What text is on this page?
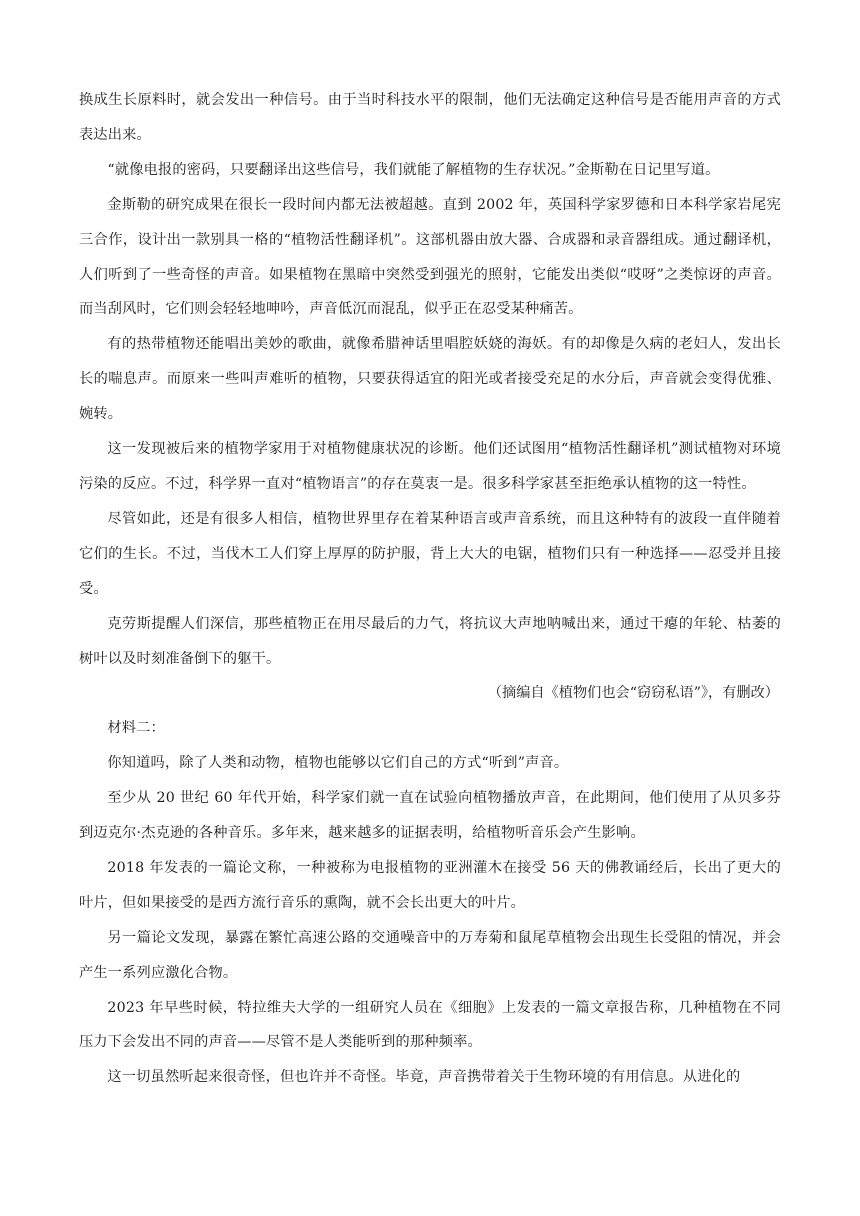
换成生长原料时，就会发出一种信号。由于当时科技水平的限制，他们无法确定这种信号是否能用声音的方式表达出来。

“就像电报的密码，只要翻译出这些信号，我们就能了解植物的生存状况。”金斯勒在日记里写道。

金斯勒的研究成果在很长一段时间内都无法被超越。直到 2002 年，英国科学家罗德和日本科学家岩尾宪三合作，设计出一款别具一格的“植物活性翻译机”。这部机器由放大器、合成器和录音器组成。通过翻译机，人们听到了一些奇怪的声音。如果植物在黑暗中突然受到强光的照射，它能发出类似“哎呀”之类惊讶的声音。而当刮风时，它们则会轻轻地呻吟，声音低沉而混乱，似乎正在忍受某种痛苦。

有的热带植物还能唱出美妙的歌曲，就像希腊神话里唱腔妖娆的海妖。有的却像是久病的老妇人，发出长长的喘息声。而原来一些叫声难听的植物，只要获得适宜的阳光或者接受充足的水分后，声音就会变得优雅、婉转。

这一发现被后来的植物学家用于对植物健康状况的诊断。他们还试图用“植物活性翻译机”测试植物对环境污染的反应。不过，科学界一直对“植物语言”的存在莫衷一是。很多科学家甚至拒绝承认植物的这一特性。

尽管如此，还是有很多人相信，植物世界里存在着某种语言或声音系统，而且这种特有的波段一直伴随着它们的生长。不过，当伐木工人们穿上厚厚的防护服，背上大大的电锯，植物们只有一种选择——忍受并且接受。

克劳斯提醒人们深信，那些植物正在用尽最后的力气，将抗议大声地呐喊出来，通过干瘪的年轮、枯萎的树叶以及时刻准备倒下的躯干。

（摘编自《植物们也会“窃窃私语”》，有删改）

材料二：

你知道吗，除了人类和动物，植物也能够以它们自己的方式“听到”声音。

至少从 20 世纪 60 年代开始，科学家们就一直在试验向植物播放声音，在此期间，他们使用了从贝多芬到迈克尔·杰克逊的各种音乐。多年来，越来越多的证据表明，给植物听音乐会产生影响。

2018 年发表的一篇论文称，一种被称为电报植物的亚洲灌木在接受 56 天的佛教诵经后，长出了更大的叶片，但如果接受的是西方流行音乐的熏陶，就不会长出更大的叶片。

另一篇论文发现，暴露在繁忙高速公路的交通噪音中的万寿菊和鼠尾草植物会出现生长受阻的情况，并会产生一系列应激化合物。

2023 年早些时候，特拉维夫大学的一组研究人员在《细胞》上发表的一篇文章报告称，几种植物在不同压力下会发出不同的声音——尽管不是人类能听到的那种频率。

这一切虽然听起来很奇怪，但也许并不奇怪。毕竟，声音携带着关于生物环境的有用信息。从进化的
